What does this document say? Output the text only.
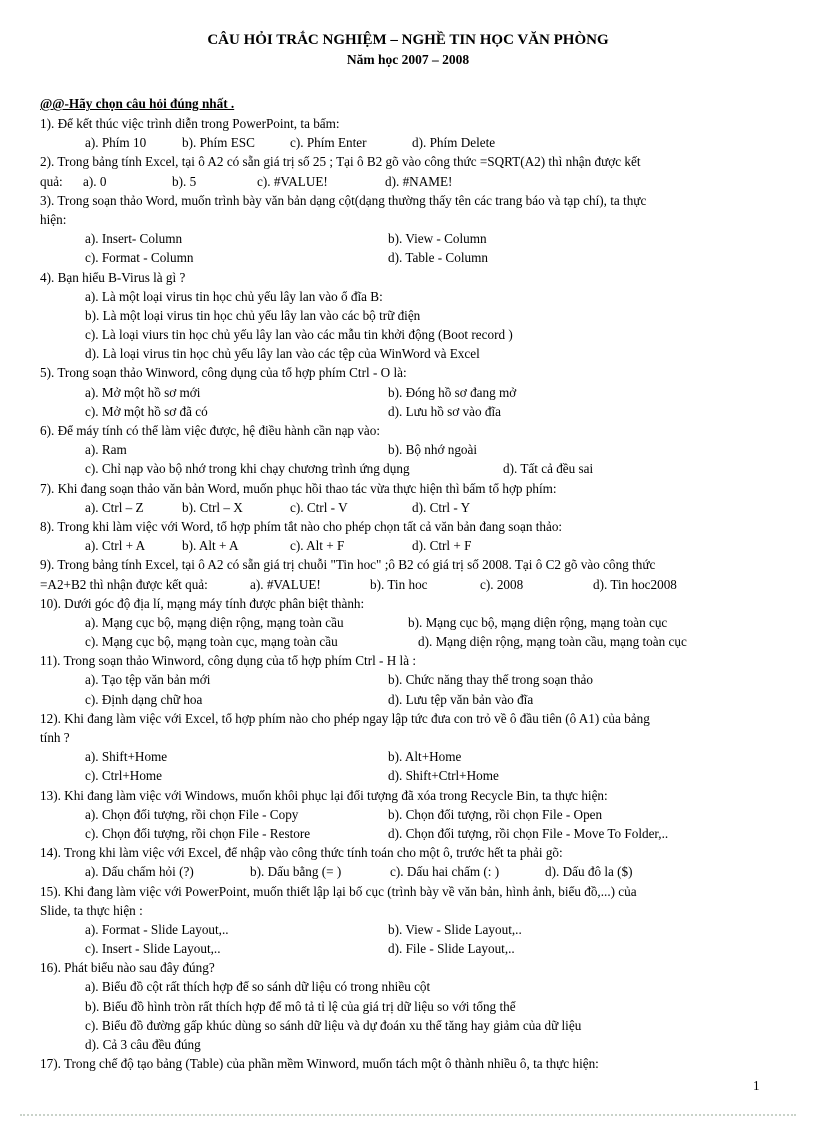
CÂU HỎI TRẮC NGHIỆM – NGHỀ TIN HỌC VĂN PHÒNG
Năm học 2007 – 2008
@@-Hãy chọn câu hỏi đúng nhất .
1). Để kết thúc việc trình diễn trong PowerPoint, ta bấm:
a). Phím 10	b). Phím ESC	c). Phím Enter	d). Phím Delete
2). Trong bảng tính Excel, tại ô A2 có sẵn giá trị số 25 ; Tại ô B2 gõ vào công thức =SQRT(A2) thì nhận được kết
quả: a). 0	b). 5	c). #VALUE!	d). #NAME!
3). Trong soạn thảo Word, muốn trình bày văn bản dạng cột(dạng thường thấy tên các trang báo và tạp chí), ta thực
hiện:
a). Insert- Column	b). View - Column
c). Format - Column	d). Table - Column
4). Bạn hiểu B-Virus là gì ?
a). Là một loại virus tin học chủ yếu lây lan vào ổ đĩa B:
b). Là một loại virus tin học chủ yếu lây lan vào các bộ trữ điện
c). Là loại viurs tin học chủ yếu lây lan vào các mẫu tin khởi động (Boot record )
d). Là loại virus tin học chủ yếu lây lan vào các tệp của WinWord và Excel
5). Trong soạn thảo Winword, công dụng của tổ hợp phím Ctrl - O là:
a). Mở một hồ sơ mới	b). Đóng hồ sơ đang mở
c). Mở một hồ sơ đã có	d). Lưu hồ sơ vào đĩa
6). Để máy tính có thể làm việc được, hệ điều hành cần nạp vào:
a). Ram	b). Bộ nhớ ngoài
c). Chỉ nạp vào bộ nhớ trong khi chạy chương trình ứng dụng	d). Tất cả đều sai
7). Khi đang soạn thảo văn bản Word, muốn phục hồi thao tác vừa thực hiện thì bấm tổ hợp phím:
a). Ctrl – Z	b). Ctrl – X	c). Ctrl - V	d). Ctrl - Y
8). Trong khi làm việc với Word, tổ hợp phím tắt nào cho phép chọn tất cả văn bản đang soạn thảo:
a). Ctrl + A	b). Alt + A	c). Alt + F	d). Ctrl + F
9). Trong bảng tính Excel, tại ô A2 có sẵn giá trị chuỗi "Tin hoc" ;ô B2 có giá trị số 2008. Tại ô C2 gõ vào công thức
=A2+B2 thì nhận được kết quả:	a). #VALUE!	b). Tin hoc	c). 2008	d). Tin hoc2008
10). Dưới góc độ địa lí, mạng máy tính được phân biệt thành:
a). Mạng cục bộ, mạng diện rộng, mạng toàn cầu	b). Mạng cục bộ, mạng diện rộng, mạng toàn cục
c). Mạng cục bộ, mạng toàn cục, mạng toàn cầu	d). Mạng diện rộng, mạng toàn cầu, mạng toàn cục
11). Trong soạn thảo Winword, công dụng của tổ hợp phím Ctrl - H là :
a). Tạo tệp văn bản mới	b). Chức năng thay thế trong soạn thảo
c). Định dạng chữ hoa	d). Lưu tệp văn bản vào đĩa
12). Khi đang làm việc với Excel, tổ hợp phím nào cho phép ngay lập tức đưa con trỏ về ô đầu tiên (ô A1) của bảng
tính ?
a). Shift+Home	b). Alt+Home
c). Ctrl+Home	d). Shift+Ctrl+Home
13). Khi đang làm việc với Windows, muốn khôi phục lại đối tượng đã xóa trong Recycle Bin, ta thực hiện:
a). Chọn đối tượng, rồi chọn File - Copy	b). Chọn đối tượng, rồi chọn File - Open
c). Chọn đối tượng, rồi chọn File - Restore	d). Chọn đối tượng, rồi chọn File - Move To Folder,..
14). Trong khi làm việc với Excel, để nhập vào công thức tính toán cho một ô, trước hết ta phải gõ:
a). Dấu chấm hỏi (?)	b). Dấu bằng (= )	c). Dấu hai chấm (: )	d). Dấu đô la ($)
15). Khi đang làm việc với PowerPoint, muốn thiết lập lại bố cục (trình bày về văn bản, hình ảnh, biểu đồ,...) của
Slide, ta thực hiện :
a). Format - Slide Layout,..	b). View - Slide Layout,..
c). Insert - Slide Layout,..	d). File - Slide Layout,..
16). Phát biểu nào sau đây đúng?
a). Biểu đồ cột rất thích hợp để so sánh dữ liệu có trong nhiều cột
b). Biểu đồ hình tròn rất thích hợp để mô tả tỉ lệ của giá trị dữ liệu so với tổng thể
c). Biểu đồ đường gấp khúc dùng so sánh dữ liệu và dự đoán xu thế tăng hay giảm của dữ liệu
d). Cả 3 câu đều đúng
17). Trong chế độ tạo bảng (Table) của phần mềm Winword, muốn tách một ô thành nhiều ô, ta thực hiện:
1
